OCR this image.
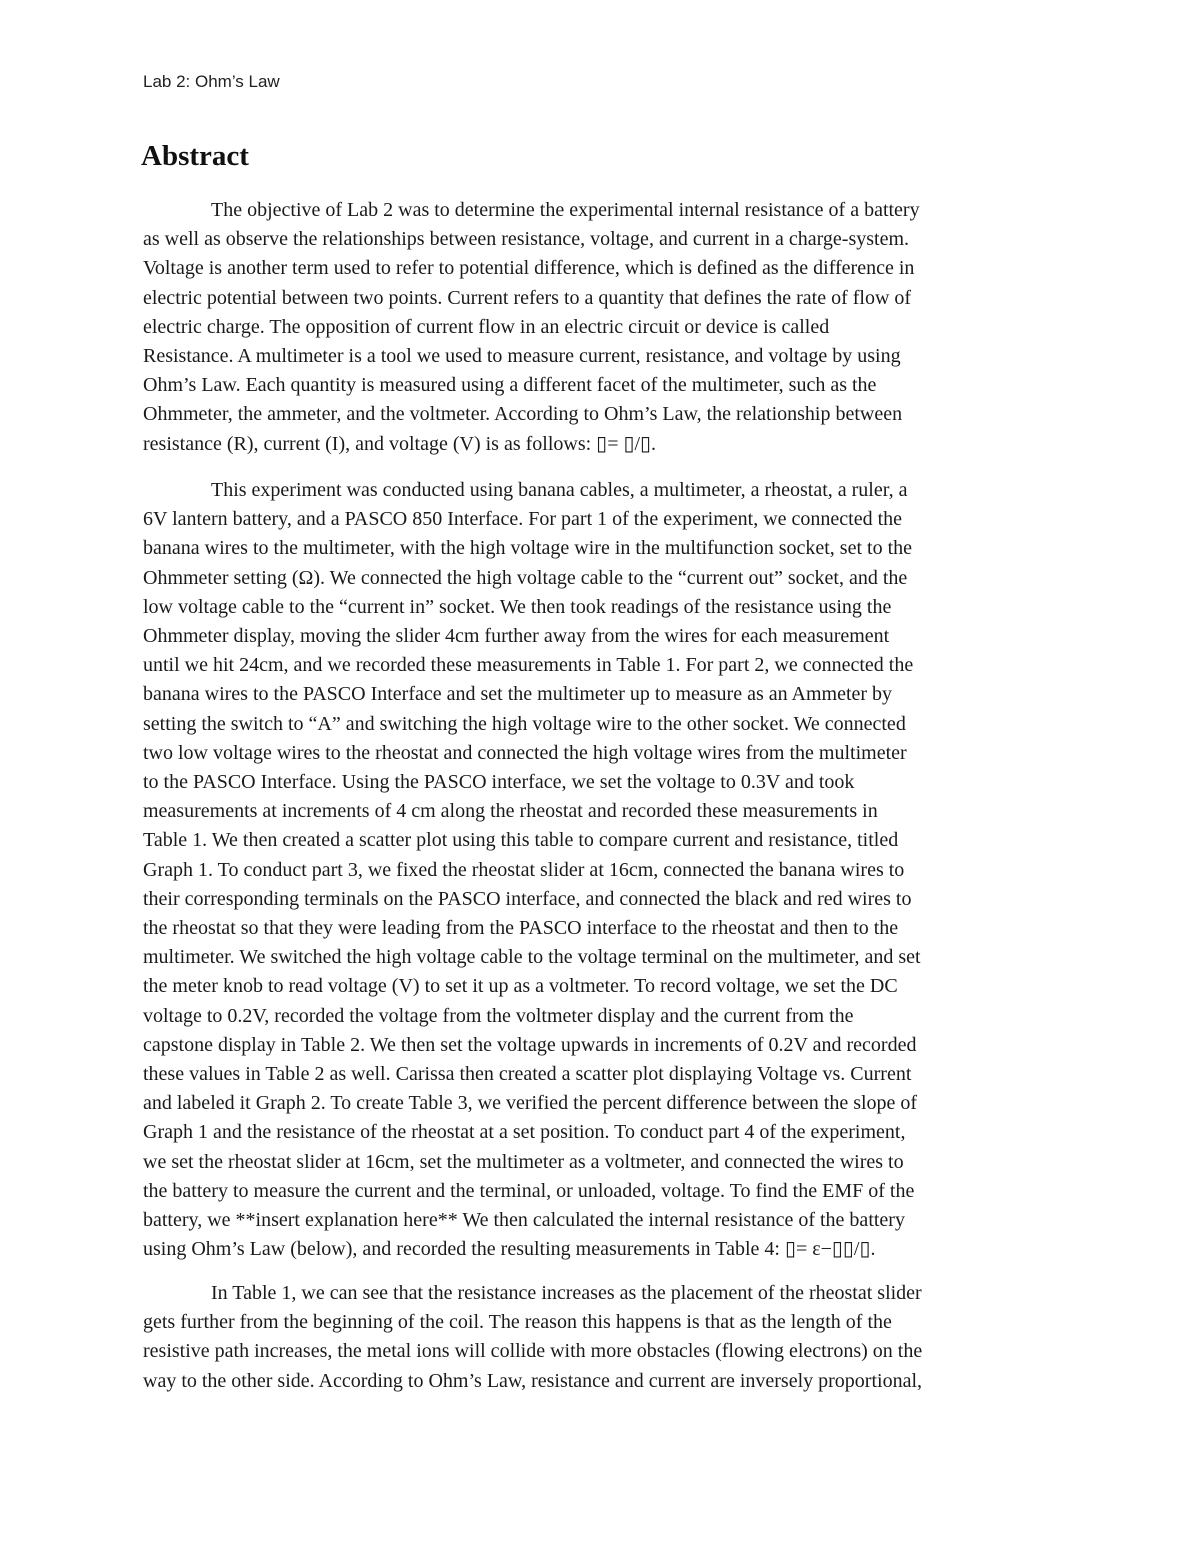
Lab 2: Ohm’s Law

Abstract

The objective of Lab 2 was to determine the experimental internal resistance of a battery
as well as observe the relationships between resistance, voltage, and current in a charge-system.
Voltage is another term used to refer to potential difference, which is defined as the difference in
electric potential between two points. Current refers to a quantity that defines the rate of flow of
electric charge. The opposition of current flow in an electric circuit or device is called
Resistance. A multimeter is a tool we used to measure current, resistance, and voltage by using
Ohm’s Law. Each quantity is measured using a different facet of the multimeter, such as the
Ohmmeter, the ammeter, and the voltmeter. According to Ohm’s Law, the relationship between
resistance (R), current (I), and voltage (V) is as follows: ▯= ▯/▯.

This experiment was conducted using banana cables, a multimeter, a rheostat, a ruler, a
6V lantern battery, and a PASCO 850 Interface. For part 1 of the experiment, we connected the
banana wires to the multimeter, with the high voltage wire in the multifunction socket, set to the
Ohmmeter setting (Ω). We connected the high voltage cable to the “current out” socket, and the
low voltage cable to the “current in” socket. We then took readings of the resistance using the
Ohmmeter display, moving the slider 4cm further away from the wires for each measurement
until we hit 24cm, and we recorded these measurements in Table 1. For part 2, we connected the
banana wires to the PASCO Interface and set the multimeter up to measure as an Ammeter by
setting the switch to “A” and switching the high voltage wire to the other socket. We connected
two low voltage wires to the rheostat and connected the high voltage wires from the multimeter
to the PASCO Interface. Using the PASCO interface, we set the voltage to 0.3V and took
measurements at increments of 4 cm along the rheostat and recorded these measurements in
Table 1. We then created a scatter plot using this table to compare current and resistance, titled
Graph 1. To conduct part 3, we fixed the rheostat slider at 16cm, connected the banana wires to
their corresponding terminals on the PASCO interface, and connected the black and red wires to
the rheostat so that they were leading from the PASCO interface to the rheostat and then to the
multimeter. We switched the high voltage cable to the voltage terminal on the multimeter, and set
the meter knob to read voltage (V) to set it up as a voltmeter. To record voltage, we set the DC
voltage to 0.2V, recorded the voltage from the voltmeter display and the current from the
capstone display in Table 2. We then set the voltage upwards in increments of 0.2V and recorded
these values in Table 2 as well. Carissa then created a scatter plot displaying Voltage vs. Current
and labeled it Graph 2. To create Table 3, we verified the percent difference between the slope of
Graph 1 and the resistance of the rheostat at a set position. To conduct part 4 of the experiment,
we set the rheostat slider at 16cm, set the multimeter as a voltmeter, and connected the wires to
the battery to measure the current and the terminal, or unloaded, voltage. To find the EMF of the
battery, we **insert explanation here** We then calculated the internal resistance of the battery
using Ohm’s Law (below), and recorded the resulting measurements in Table 4: ▯= ε−▯▯/▯.

In Table 1, we can see that the resistance increases as the placement of the rheostat slider
gets further from the beginning of the coil. The reason this happens is that as the length of the
resistive path increases, the metal ions will collide with more obstacles (flowing electrons) on the
way to the other side. According to Ohm’s Law, resistance and current are inversely proportional,
